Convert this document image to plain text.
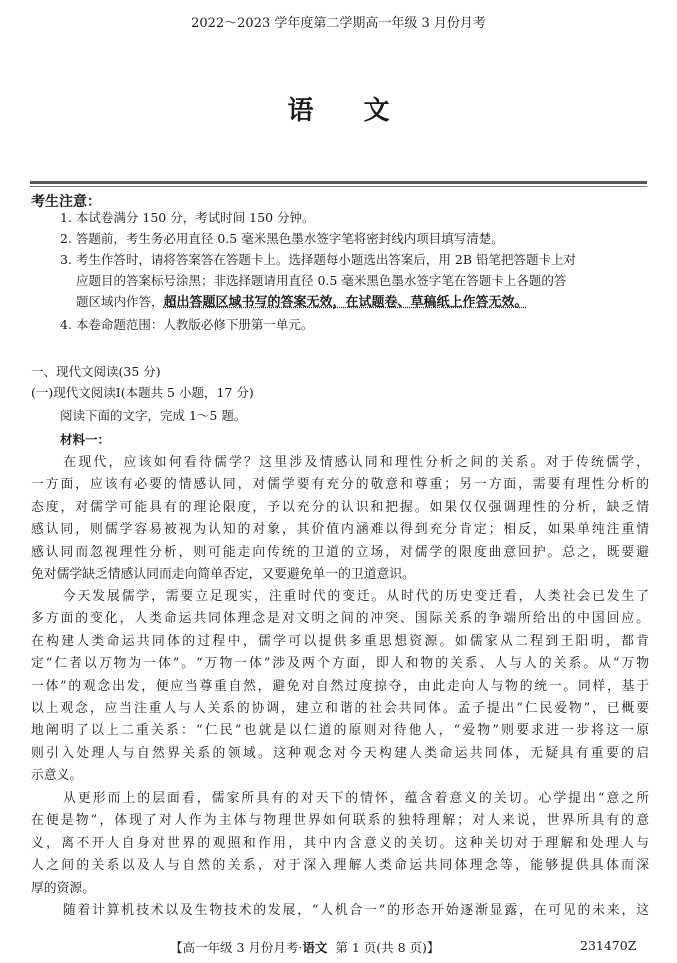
2022～2023 学年度第二学期高一年级 3 月份月考
语 文
考生注意：
1. 本试卷满分 150 分，考试时间 150 分钟。
2. 答题前，考生务必用直径 0.5 毫米黑色墨水签字笔将密封线内项目填写清楚。
3. 考生作答时，请将答案答在答题卡上。选择题每小题选出答案后，用 2B 铅笔把答题卡上对
应题目的答案标号涂黑；非选择题请用直径 0.5 毫米黑色墨水签字笔在答题卡上各题的答
题区域内作答，超出答题区域书写的答案无效，在试题卷、草稿纸上作答无效。
4. 本卷命题范围：人教版必修下册第一单元。
一、现代文阅读(35 分)
(一)现代文阅读Ⅰ(本题共 5 小题，17 分)
阅读下面的文字，完成 1～5 题。
材料一：

在现代，应该如何看待儒学？这里涉及情感认同和理性分析之间的关系。对于传统儒学，

一方面，应该有必要的情感认同，对儒学要有充分的敬意和尊重；另一方面，需要有理性分析的

态度，对儒学可能具有的理论限度，予以充分的认识和把握。如果仅仅强调理性的分析，缺乏情

感认同，则儒学容易被视为认知的对象，其价值内涵难以得到充分肯定；相反，如果单纯注重情

感认同而忽视理性分析，则可能走向传统的卫道的立场，对儒学的限度曲意回护。总之，既要避

免对儒学缺乏情感认同而走向简单否定，又要避免单一的卫道意识。

今天发展儒学，需要立足现实，注重时代的变迁。从时代的历史变迁看，人类社会已发生了

多方面的变化，人类命运共同体理念是对文明之间的冲突、国际关系的争端所给出的中国回应。

在构建人类命运共同体的过程中，儒学可以提供多重思想资源。如儒家从二程到王阳明，都肯

定“仁者以万物为一体”。“万物一体”涉及两个方面，即人和物的关系、人与人的关系。从“万物

一体”的观念出发，便应当尊重自然，避免对自然过度掠夺，由此走向人与物的统一。同样，基于

以上观念，应当注重人与人关系的协调，建立和谐的社会共同体。孟子提出“仁民爱物”，已概要

地阐明了以上二重关系：“仁民”也就是以仁道的原则对待他人，“爱物”则要求进一步将这一原

则引入处理人与自然界关系的领域。这种观念对今天构建人类命运共同体，无疑具有重要的启

示意义。

从更形而上的层面看，儒家所具有的对天下的情怀，蕴含着意义的关切。心学提出“意之所

在便是物”，体现了对人作为主体与物理世界如何联系的独特理解；对人来说，世界所具有的意

义，离不开人自身对世界的观照和作用，其中内含意义的关切。这种关切对于理解和处理人与

人之间的关系以及人与自然的关系，对于深入理解人类命运共同体理念等，能够提供具体而深

厚的资源。

随着计算机技术以及生物技术的发展，“人机合一”的形态开始逐渐显露，在可见的未来，这

【高一年级 3 月份月考·语文 第 1 页(共 8 页)】	231470Z
